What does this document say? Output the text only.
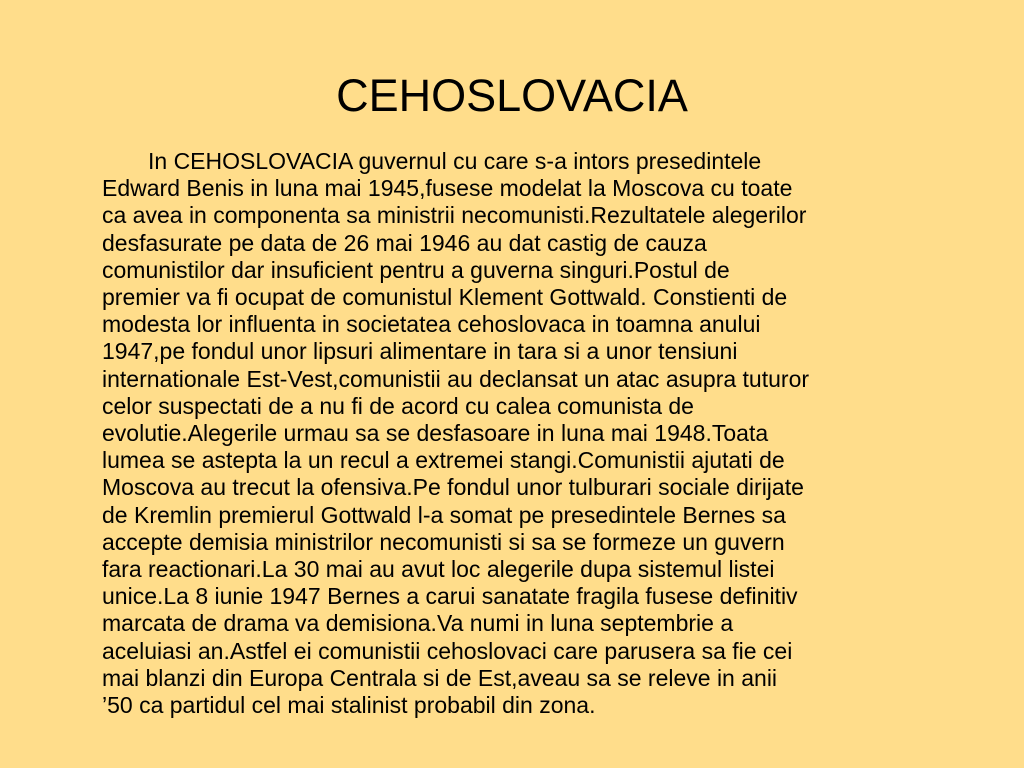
CEHOSLOVACIA
In CEHOSLOVACIA guvernul cu care s-a intors presedintele
Edward Benis in luna mai 1945,fusese modelat la Moscova cu toate
ca avea in componenta sa ministrii necomunisti.Rezultatele alegerilor
desfasurate pe data de 26 mai 1946 au dat castig de cauza
comunistilor dar insuficient pentru a guverna singuri.Postul de
premier va fi ocupat de comunistul Klement Gottwald. Constienti de
modesta lor influenta in societatea cehoslovaca in toamna anului
1947,pe fondul unor lipsuri alimentare in tara si a unor tensiuni
internationale Est-Vest,comunistii au declansat un atac asupra tuturor
celor suspectati de a nu fi de acord cu calea comunista de
evolutie.Alegerile urmau sa se desfasoare in luna mai 1948.Toata
lumea se astepta la un recul a extremei stangi.Comunistii ajutati de
Moscova au trecut la ofensiva.Pe fondul unor tulburari sociale dirijate
de Kremlin premierul Gottwald l-a somat pe presedintele Bernes sa
accepte demisia ministrilor necomunisti si sa se formeze un guvern
fara reactionari.La 30 mai au avut loc alegerile dupa sistemul listei
unice.La 8 iunie 1947 Bernes a carui sanatate fragila fusese definitiv
marcata de drama va demisiona.Va numi in luna septembrie a
aceluiasi an.Astfel ei comunistii cehoslovaci care parusera sa fie cei
mai blanzi din Europa Centrala si de Est,aveau sa se releve in anii
’50 ca partidul cel mai stalinist probabil din zona.
